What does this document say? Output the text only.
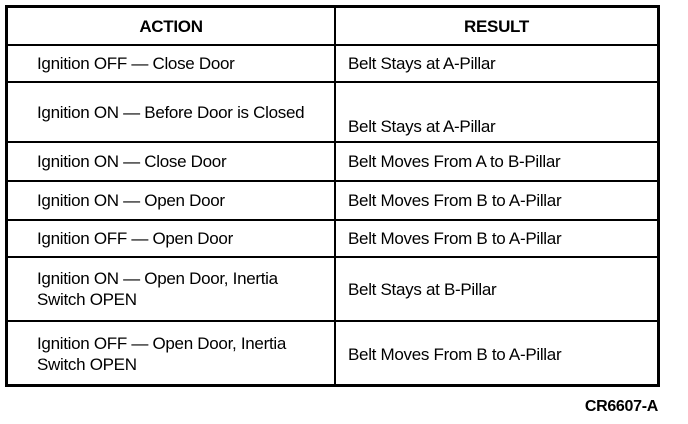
ACTION	RESULT
Ignition OFF — Close Door	Belt Stays at A-Pillar
Ignition ON — Before Door is Closed	Belt Stays at A-Pillar
Ignition ON — Close Door	Belt Moves From A to B-Pillar
Ignition ON — Open Door	Belt Moves From B to A-Pillar
Ignition OFF — Open Door	Belt Moves From B to A-Pillar
Ignition ON — Open Door, Inertia Switch OPEN	Belt Stays at B-Pillar
Ignition OFF — Open Door, Inertia Switch OPEN	Belt Moves From B to A-Pillar
CR6607-A
